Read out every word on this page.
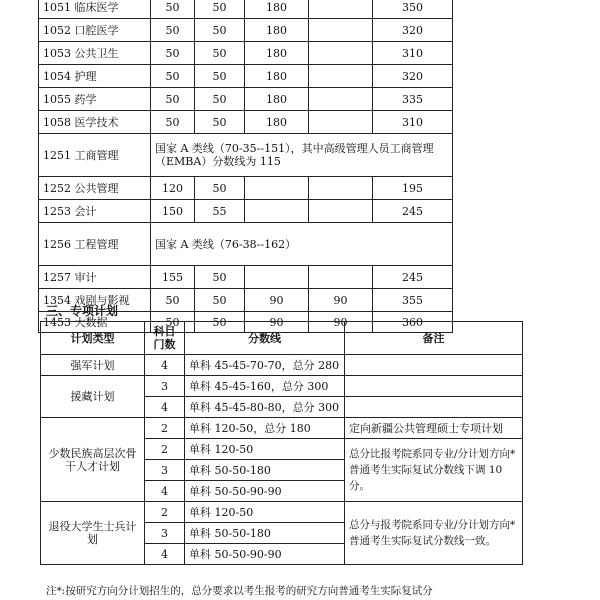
1051 临床医学	50	50	180		350
1052 口腔医学	50	50	180		320
1053 公共卫生	50	50	180		310
1054 护理	50	50	180		320
1055 药学	50	50	180		335
1058 医学技术	50	50	180		310
1251 工商管理	国家 A 类线（70-35--151），其中高级管理人员工商管理（EMBA）分数线为 115				
1252 公共管理	120	50			195
1253 会计	150	55			245
1256 工程管理	国家 A 类线（76-38--162）				
1257 审计	155	50			245
1354 戏剧与影视	50	50	90	90	355
1453 大数据	50	50	90	90	360
三、专项计划
计划类型	科目门数	分数线	备注
强军计划	4	单科 45-45-70-70，总分 280	
援藏计划	3	单科 45-45-160，总分 300	
	4	单科 45-45-80-80，总分 300	
少数民族高层次骨干人才计划	2	单科 120-50，总分 180	定向新疆公共管理硕士专项计划
	2	单科 120-50	总分比报考院系同专业/分计划方向*普通考生实际复试分数线下调 10 分。
	3	单科 50-50-180	
	4	单科 50-50-90-90	
退役大学生士兵计划	2	单科 120-50	总分与报考院系同专业/分计划方向*普通考生实际复试分数线一致。
	3	单科 50-50-180	
	4	单科 50-50-90-90	
注*:按研究方向分计划招生的，总分要求以考生报考的研究方向普通考生实际复试分
